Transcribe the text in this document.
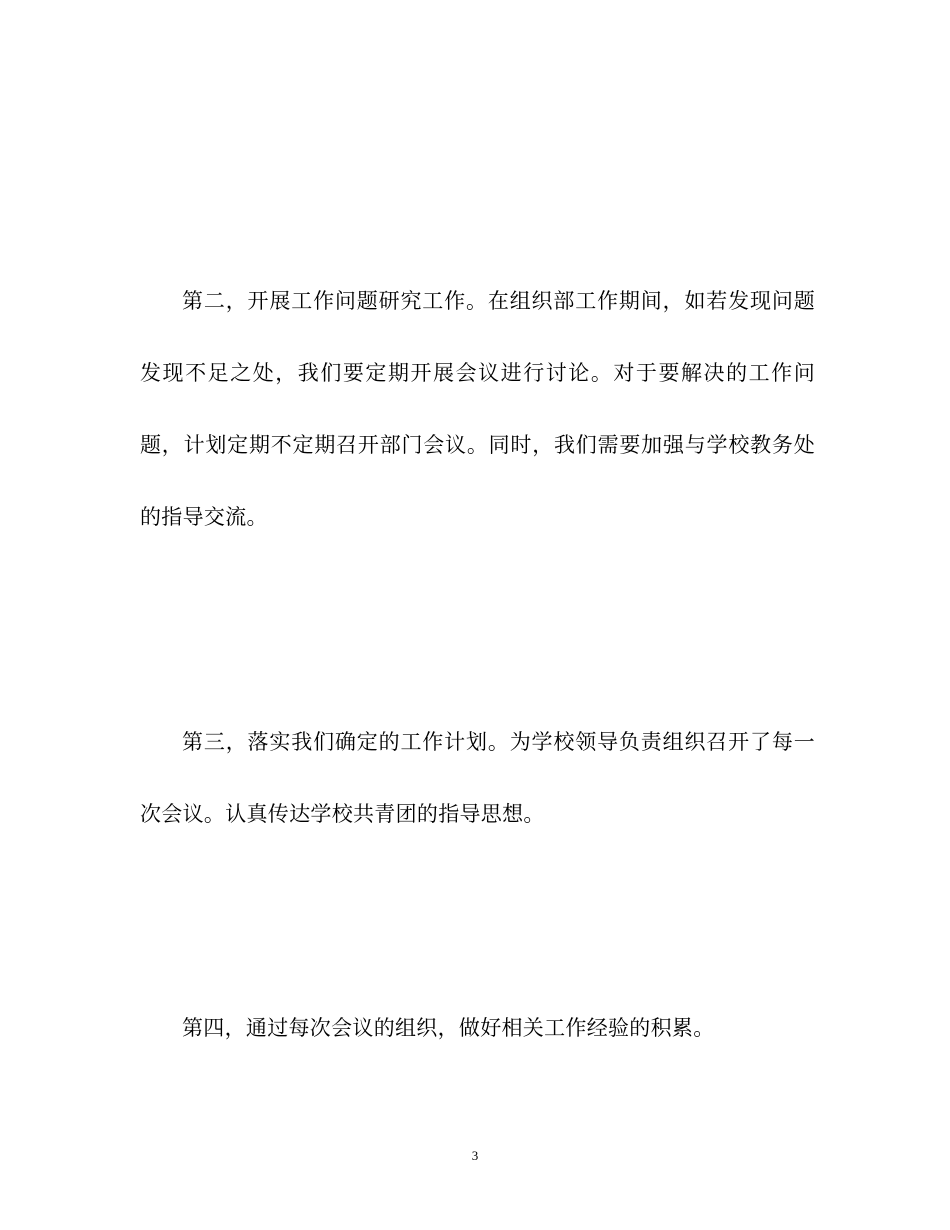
第二，开展工作问题研究工作。在组织部工作期间，如若发现问题发现不足之处，我们要定期开展会议进行讨论。对于要解决的工作问题，计划定期不定期召开部门会议。同时，我们需要加强与学校教务处的指导交流。

第三，落实我们确定的工作计划。为学校领导负责组织召开了每一次会议。认真传达学校共青团的指导思想。

第四，通过每次会议的组织，做好相关工作经验的积累。

3
